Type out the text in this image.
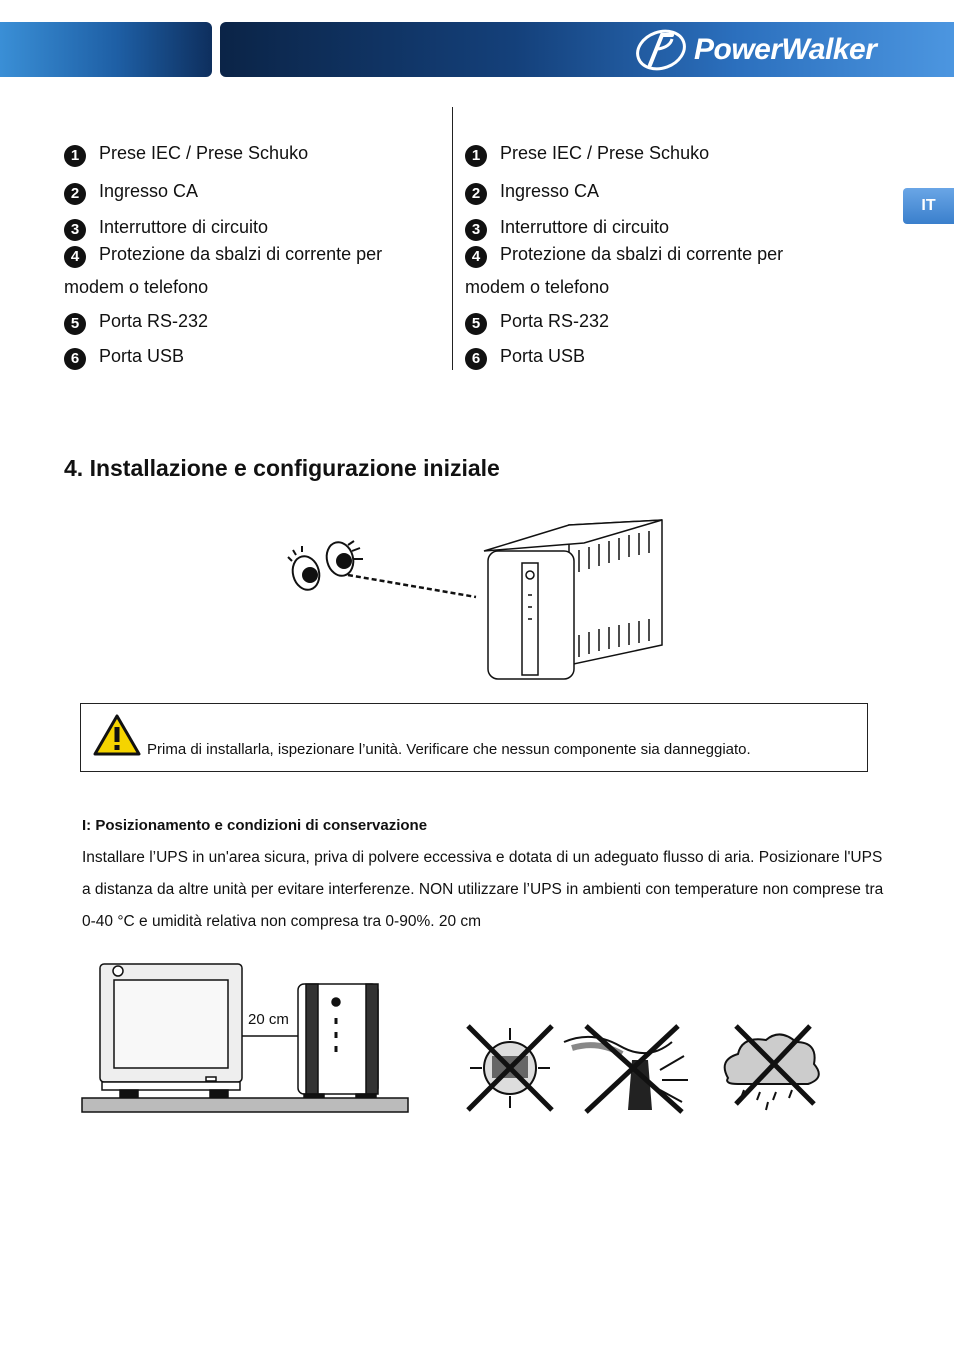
PowerWalker
IT
1	Prese IEC / Prese Schuko
2	Ingresso CA
3	Interruttore di circuito
4	Protezione da sbalzi di corrente per
modem o telefono
5	Porta RS-232
6	Porta USB
1	Prese IEC / Prese Schuko
2	Ingresso CA
3	Interruttore di circuito
4	Protezione da sbalzi di corrente per
modem o telefono
5	Porta RS-232
6	Porta USB
4. Installazione e configurazione iniziale
Prima di installarla, ispezionare l’unità. Verificare che nessun componente sia danneggiato.
I: Posizionamento e condizioni di conservazione

Installare l’UPS in un'area sicura, priva di polvere eccessiva e dotata di un adeguato flusso di aria. Posizionare l'UPS a distanza da altre unità per evitare interferenze. NON utilizzare l’UPS in ambienti con temperature non comprese tra 0-40 °C e umidità relativa non compresa tra 0-90%. 20 cm

20 cm
